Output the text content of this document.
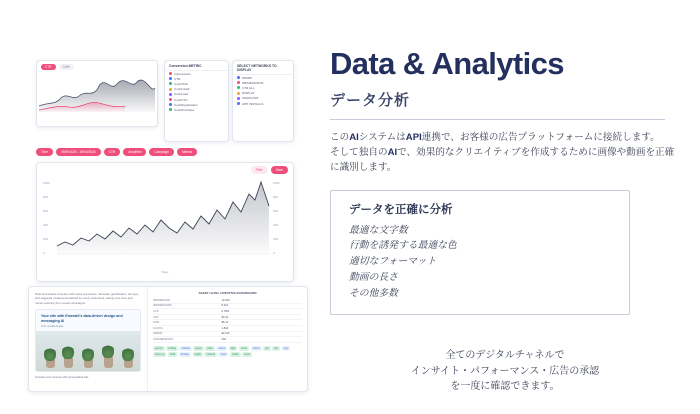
CTR	0.8%	Conversion METRIC
Impressions
CTR
Cost/Click
Cost/Install
Cost/Lead
Cost/CTC
Cost/Registration
Cost/Purchase
SELECT NETWORKS TO DISPLAY
SPARK
IMPRESSIONS
CTR ALL
DISPLAY
SNAPCHAT
APP INSTALLS
Time	09/09/2020 - 09/04/2020	CTR	Amplified	Campaign	Metrics
Filter	Save
1000
800
600
400
200
0
1000
800
600
400
200
0
Days
Data and assets company with many impression. Emerald, gamification, ad copy and suggests media personalized for every customers, saving your time and money learning from curate campaigns.
Your site with Emerald's data-driven design and messaging AI
Test. Curate & test.
Increase your revenue with personalized ads
ASSET LEVEL CREATIVE DASHBOARD
IMPRESSION	12,304
IMPRESSIONS	8,221
CTR	0.78%
CPC	$0.42
CPM	$5.10
CLICKS	1,842
SPEND	$2,110
CONVERSIONS	304
person	smiling	outdoor	green	plant	nature	light	home	indoor	pot	text	logo
close-up	shelf	window	bright	minimal	clean	studio	wood
Data & Analytics
データ分析

このAIシステムはAPI連携で、お客様の広告プラットフォームに接続します。

そして独自のAIで、効果的なクリエイティブを作成するために画像や動画を正確に識別します。

データを正確に分析
最適な文字数
行動を誘発する最適な色
適切なフォーマット
動画の長さ
その他多数
全てのデジタルチャネルで
インサイト・パフォーマンス・広告の承認
を一度に確認できます。
